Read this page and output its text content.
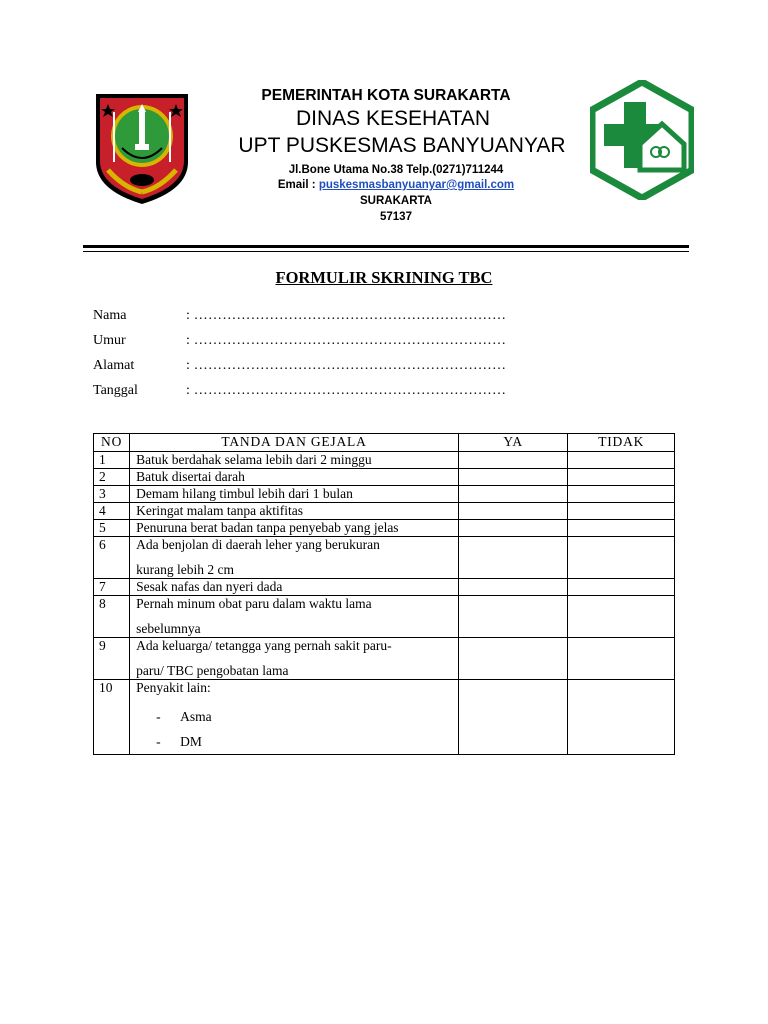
PEMERINTAH KOTA SURAKARTA
DINAS KESEHATAN
UPT PUSKESMAS BANYUANYAR
Jl.Bone Utama No.38 Telp.(0271)711244
Email : puskesmasbanyuanyar@gmail.com
SURAKARTA
57137
FORMULIR SKRINING TBC
Nama	: …………………………………………………………
Umur	: …………………………………………………………
Alamat	: …………………………………………………………
Tanggal	: …………………………………………………………
NO	TANDA DAN GEJALA	YA	TIDAK
1	Batuk berdahak selama lebih dari 2 minggu		
2	Batuk disertai darah		
3	Demam hilang timbul lebih dari 1 bulan		
4	Keringat malam tanpa aktifitas		
5	Penuruna berat badan tanpa penyebab yang jelas		
6	Ada benjolan di daerah leher yang berukuran
kurang lebih 2 cm		

7	Sesak nafas dan nyeri dada		
8	Pernah minum obat paru dalam waktu lama
sebelumnya		

9	Ada keluarga/ tetangga yang pernah sakit paru-
paru/ TBC pengobatan lama		

10	Penyakit lain:
- Asma
- DM		
